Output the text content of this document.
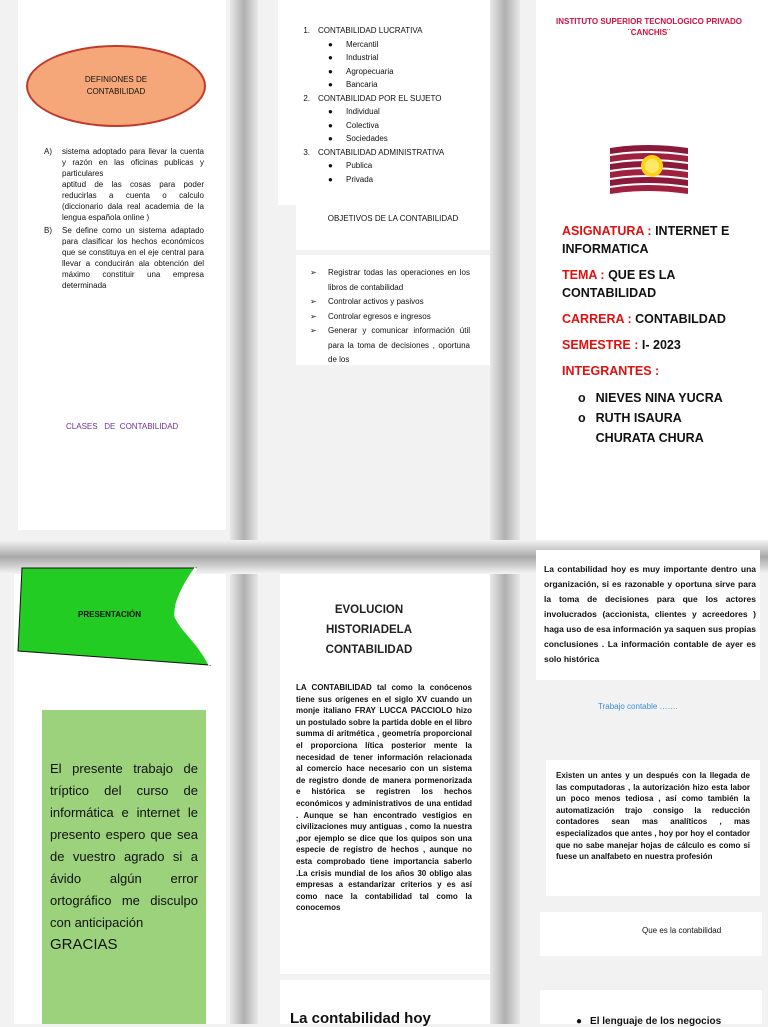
DEFINIONES DE CONTABILIDAD
A)	sistema adoptado para llevar la cuenta y razón en las oficinas publicas y particulares
aptitud de las cosas para poder reducirlas a cuenta o calculo (diccionario dala real academia de la lengua española online )
B)	Se define como un sistema adaptado para clasificar los hechos económicos que se constituya en el eje central para llevar a conducirán ala obtención del máximo constituir una empresa determinada
CLASES   DE  CONTABILIDAD
1. CONTABILIDAD LUCRATIVA
●	Mercantil
●	Industrial
●	Agropecuaria
●	Bancaria
2. CONTABILIDAD POR EL SUJETO
●	Individual
●	Colectiva
●	Sociedades
3. CONTABILIDAD ADMINISTRATIVA
●	Publica
●	Privada
OBJETIVOS DE LA CONTABILIDAD
➢	Registrar todas las operaciones en los libros de contabilidad
➢	Controlar activos y pasivos
➢	Controlar egresos e ingresos
➢	Generar y comunicar información útil para la toma de decisiones , oportuna de los
INSTITUTO SUPERIOR TECNOLOGICO PRIVADO ¨CANCHIS¨
ASIGNATURA : INTERNET E INFORMATICA
TEMA : QUE ES LA CONTABILIDAD
CARRERA : CONTABILDAD
SEMESTRE : I- 2023
INTEGRANTES :
o NIEVES NINA YUCRA
o RUTH ISAURA CHURATA CHURA
PRESENTACIÓN
El presente trabajo de tríptico del curso de informática e internet le presento espero que sea de vuestro agrado si a ávido algún error ortográfico me disculpo con anticipación
GRACIAS
EVOLUCION HISTORIADELA CONTABILIDAD
LA CONTABILIDAD tal como la conócenos tiene sus orígenes en el siglo XV cuando un monje italiano FRAY LUCCA PACCIOLO hizo un postulado sobre la partida doble en el libro summa di aritmética , geometría proporcional el proporciona lítica posterior mente la necesidad de tener información relacionada al comercio hace necesario con un sistema de registro donde de manera pormenorizada e histórica se registren los hechos económicos y administrativos de una entidad . Aunque se han encontrado vestigios en civilizaciones muy antiguas , como la nuestra ,por ejemplo se dice que los quipos son una especie de registro de hechos , aunque no esta comprobado tiene importancia saberlo .La crisis mundial de los años 30 obligo alas empresas a estandarizar criterios y es así como nace la contabilidad tal como la conocemos
La contabilidad hoy
La contabilidad hoy es muy importante dentro una organización, si es razonable y oportuna sirve para la toma de decisiones para que los actores involucrados (accionista, clientes y acreedores ) haga uso de esa información ya saquen sus propias conclusiones . La información contable de ayer es solo histórica
Trabajo contable …….
Existen un antes y un después con la llegada de las computadoras , la autorización hizo esta labor un poco menos tediosa , así como también la automatización trajo consigo la reducción contadores sean mas analíticos , mas especializados que antes , hoy por hoy el contador que no sabe manejar hojas de cálculo es como si fuese un analfabeto en nuestra profesión
Que es la contabilidad
● El lenguaje de los negocios
